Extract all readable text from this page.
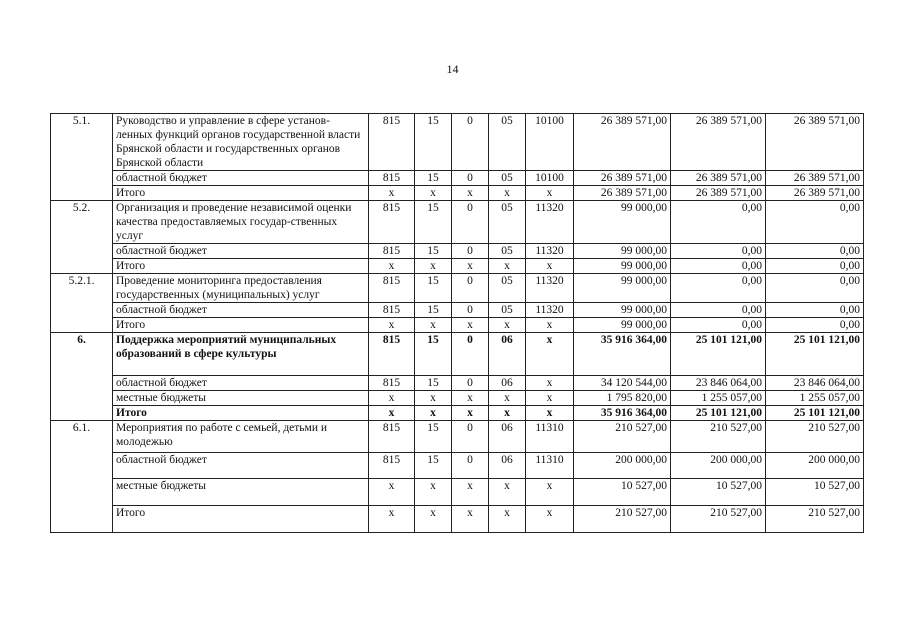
14
5.1.	Руководство и управление в сфере установ-ленных функций органов государственной власти Брянской области и государственных органов Брянской области	815	15	0	05	10100	26 389 571,00	26 389 571,00	26 389 571,00
	областной бюджет	815	15	0	05	10100	26 389 571,00	26 389 571,00	26 389 571,00
	Итого	х	х	х	х	х	26 389 571,00	26 389 571,00	26 389 571,00
5.2.	Организация и проведение независимой оценки качества предоставляемых государ-ственных услуг	815	15	0	05	11320	99 000,00	0,00	0,00
	областной бюджет	815	15	0	05	11320	99 000,00	0,00	0,00
	Итого	х	х	х	х	х	99 000,00	0,00	0,00
5.2.1.	Проведение мониторинга предоставления государственных (муниципальных) услуг	815	15	0	05	11320	99 000,00	0,00	0,00
	областной бюджет	815	15	0	05	11320	99 000,00	0,00	0,00
	Итого	х	х	х	х	х	99 000,00	0,00	0,00
6.	Поддержка мероприятий муниципальных образований в сфере культуры	815	15	0	06	х	35 916 364,00	25 101 121,00	25 101 121,00
	областной бюджет	815	15	0	06	х	34 120 544,00	23 846 064,00	23 846 064,00
	местные бюджеты	х	х	х	х	х	1 795 820,00	1 255 057,00	1 255 057,00
	Итого	х	х	х	х	х	35 916 364,00	25 101 121,00	25 101 121,00
6.1.	Мероприятия по работе с семьей, детьми и молодежью	815	15	0	06	11310	210 527,00	210 527,00	210 527,00
	областной бюджет	815	15	0	06	11310	200 000,00	200 000,00	200 000,00
	местные бюджеты	х	х	х	х	х	10 527,00	10 527,00	10 527,00
	Итого	х	х	х	х	х	210 527,00	210 527,00	210 527,00
